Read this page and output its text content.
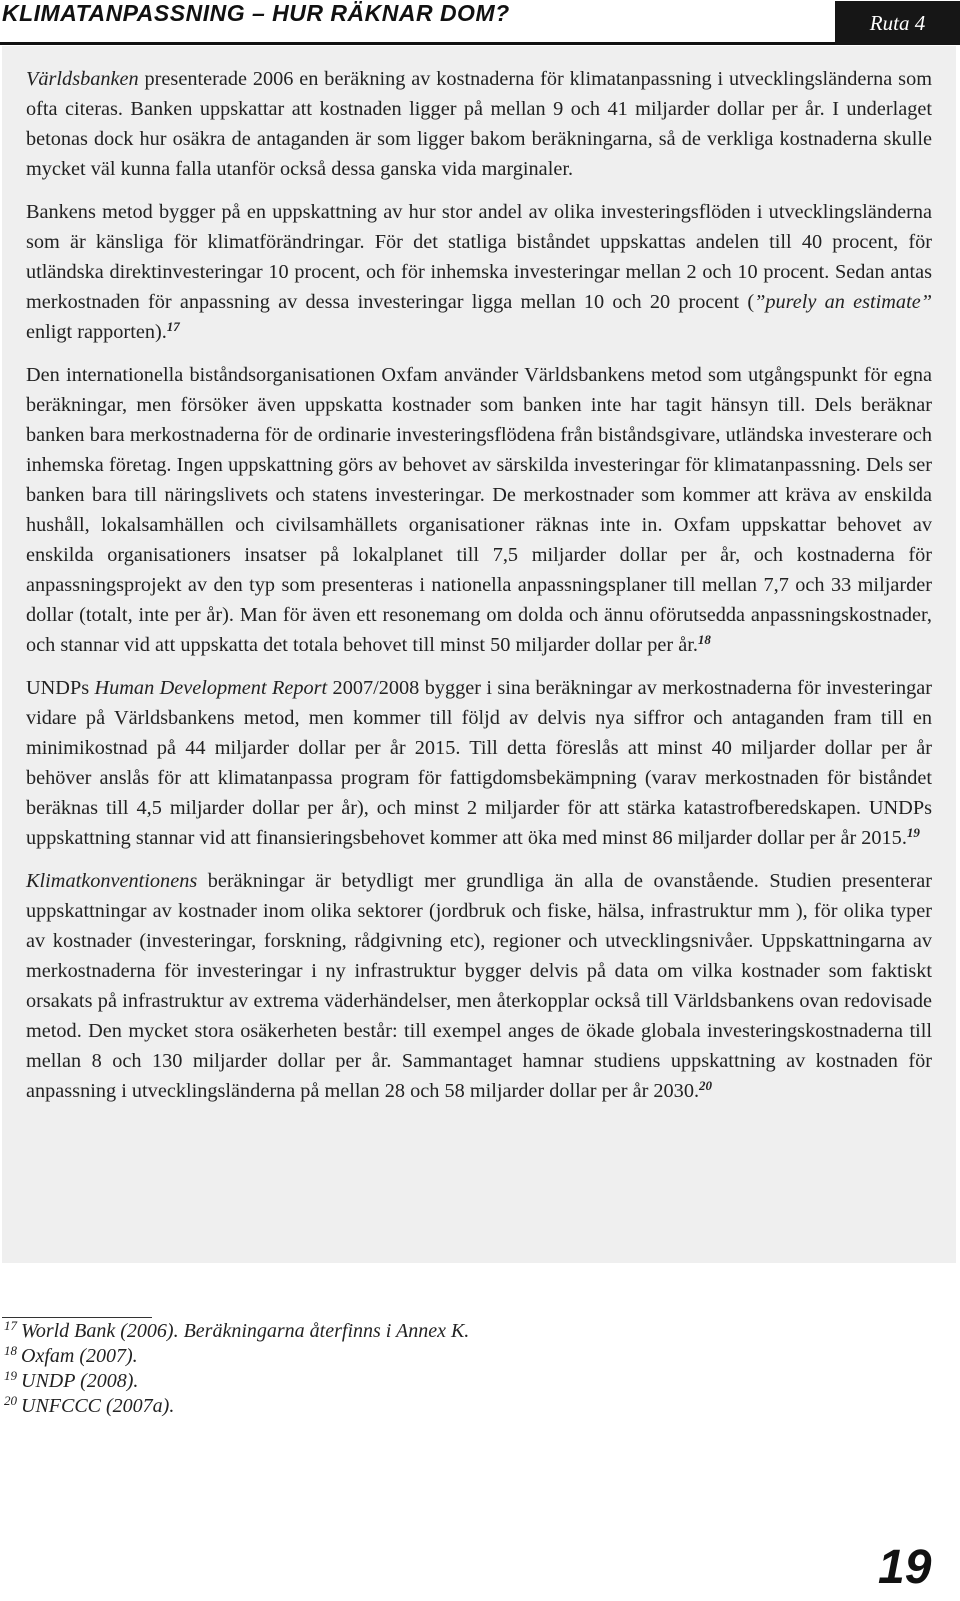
KLIMATANPASSNING – HUR RÄKNAR DOM?	Ruta 4

Världsbanken presenterade 2006 en beräkning av kostnaderna för klimatanpassning i utvecklingsländerna som ofta citeras. Banken uppskattar att kostnaden ligger på mellan 9 och 41 miljarder dollar per år. I underlaget betonas dock hur osäkra de antaganden är som ligger bakom beräkningarna, så de verkliga kostnaderna skulle mycket väl kunna falla utanför också dessa ganska vida marginaler.

Bankens metod bygger på en uppskattning av hur stor andel av olika investeringsflöden i utvecklingsländerna som är känsliga för klimatförändringar. För det statliga biståndet uppskattas andelen till 40 procent, för utländska direktinvesteringar 10 procent, och för inhemska investeringar mellan 2 och 10 procent. Sedan antas merkostnaden för anpassning av dessa investeringar ligga mellan 10 och 20 procent (”purely an estimate” enligt rapporten).$^{17}$

Den internationella biståndsorganisationen Oxfam använder Världsbankens metod som utgångspunkt för egna beräkningar, men försöker även uppskatta kostnader som banken inte har tagit hänsyn till. Dels beräknar banken bara merkostnaderna för de ordinarie investeringsflödena från biståndsgivare, utländska investerare och inhemska företag. Ingen uppskattning görs av behovet av särskilda investeringar för klimatanpassning. Dels ser banken bara till näringslivets och statens investeringar. De merkostnader som kommer att kräva av enskilda hushåll, lokalsamhällen och civilsamhällets organisationer räknas inte in. Oxfam uppskattar behovet av enskilda organisationers insatser på lokalplanet till 7,5 miljarder dollar per år, och kostnaderna för anpassningsprojekt av den typ som presenteras i nationella anpassningsplaner till mellan 7,7 och 33 miljarder dollar (totalt, inte per år). Man för även ett resonemang om dolda och ännu oförutsedda anpassningskostnader, och stannar vid att uppskatta det totala behovet till minst 50 miljarder dollar per år.$^{18}$

UNDPs Human Development Report 2007/2008 bygger i sina beräkningar av merkostnaderna för investeringar vidare på Världsbankens metod, men kommer till följd av delvis nya siffror och antaganden fram till en minimikostnad på 44 miljarder dollar per år 2015. Till detta föreslås att minst 40 miljarder dollar per år behöver anslås för att klimatanpassa program för fattigdomsbekämpning (varav merkostnaden för biståndet beräknas till 4,5 miljarder dollar per år), och minst 2 miljarder för att stärka katastrofberedskapen. UNDPs uppskattning stannar vid att finansieringsbehovet kommer att öka med minst 86 miljarder dollar per år 2015.19

Klimatkonventionens beräkningar är betydligt mer grundliga än alla de ovanstående. Studien presenterar uppskattningar av kostnader inom olika sektorer (jordbruk och fiske, hälsa, infrastruktur mm ), för olika typer av kostnader (investeringar, forskning, rådgivning etc), regioner och utvecklingsnivåer. Uppskattningarna av merkostnaderna för investeringar i ny infrastruktur bygger delvis på data om vilka kostnader som faktiskt orsakats på infrastruktur av extrema väderhändelser, men återkopplar också till Världsbankens ovan redovisade metod. Den mycket stora osäkerheten består: till exempel anges de ökade globala investeringskostnaderna till mellan 8 och 130 miljarder dollar per år. Sammantaget hamnar studiens uppskattning av kostnaden för anpassning i utvecklingsländerna på mellan 28 och 58 miljarder dollar per år 2030.20

$^{17}$ World Bank (2006). Beräkningarna återfinns i Annex K.
$^{18}$ Oxfam (2007).
$^{19}$ UNDP (2008).
$^{20}$ UNFCCC (2007a).
19
